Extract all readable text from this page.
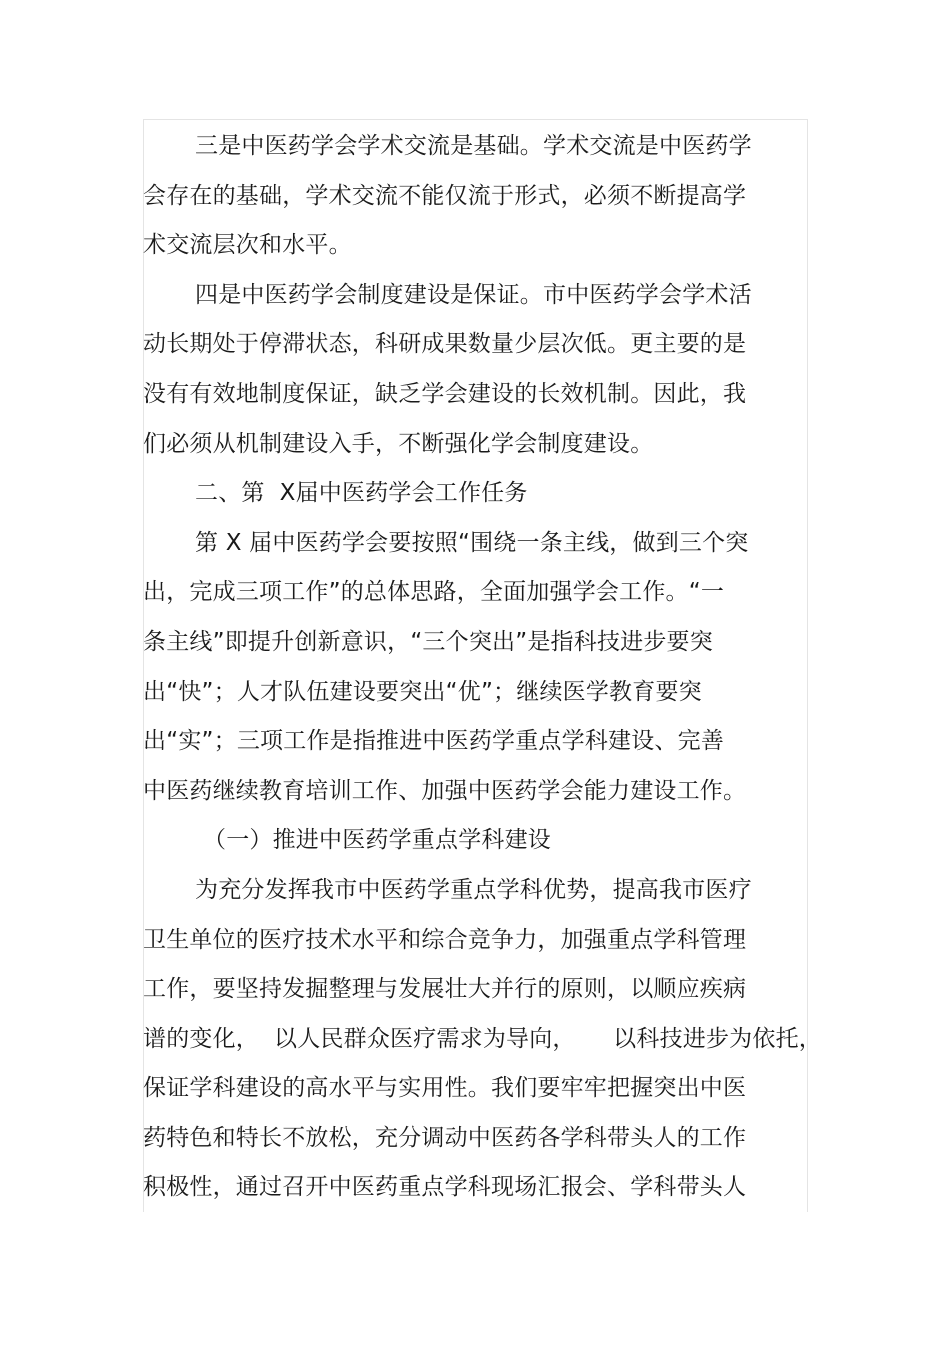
三是中医药学会学术交流是基础。学术交流是中医药学
会存在的基础，学术交流不能仅流于形式，必须不断提高学
术交流层次和水平。
四是中医药学会制度建设是保证。市中医药学会学术活
动长期处于停滞状态，科研成果数量少层次低。更主要的是
没有有效地制度保证，缺乏学会建设的长效机制。因此，我
们必须从机制建设入手，不断强化学会制度建设。
二、第  X届中医药学会工作任务
第 X 届中医药学会要按照“围绕一条主线，做到三个突
出，完成三项工作”的总体思路，全面加强学会工作。“一
条主线”即提升创新意识，“三个突出”是指科技进步要突
出“快”；人才队伍建设要突出“优”；继续医学教育要突
出“实”；三项工作是指推进中医药学重点学科建设、完善
中医药继续教育培训工作、加强中医药学会能力建设工作。
（一）推进中医药学重点学科建设
为充分发挥我市中医药学重点学科优势，提高我市医疗
卫生单位的医疗技术水平和综合竞争力，加强重点学科管理
工作，要坚持发掘整理与发展壮大并行的原则，以顺应疾病
谱的变化，  以人民群众医疗需求为导向，     以科技进步为依托，
保证学科建设的高水平与实用性。我们要牢牢把握突出中医
药特色和特长不放松，充分调动中医药各学科带头人的工作
积极性，通过召开中医药重点学科现场汇报会、学科带头人
